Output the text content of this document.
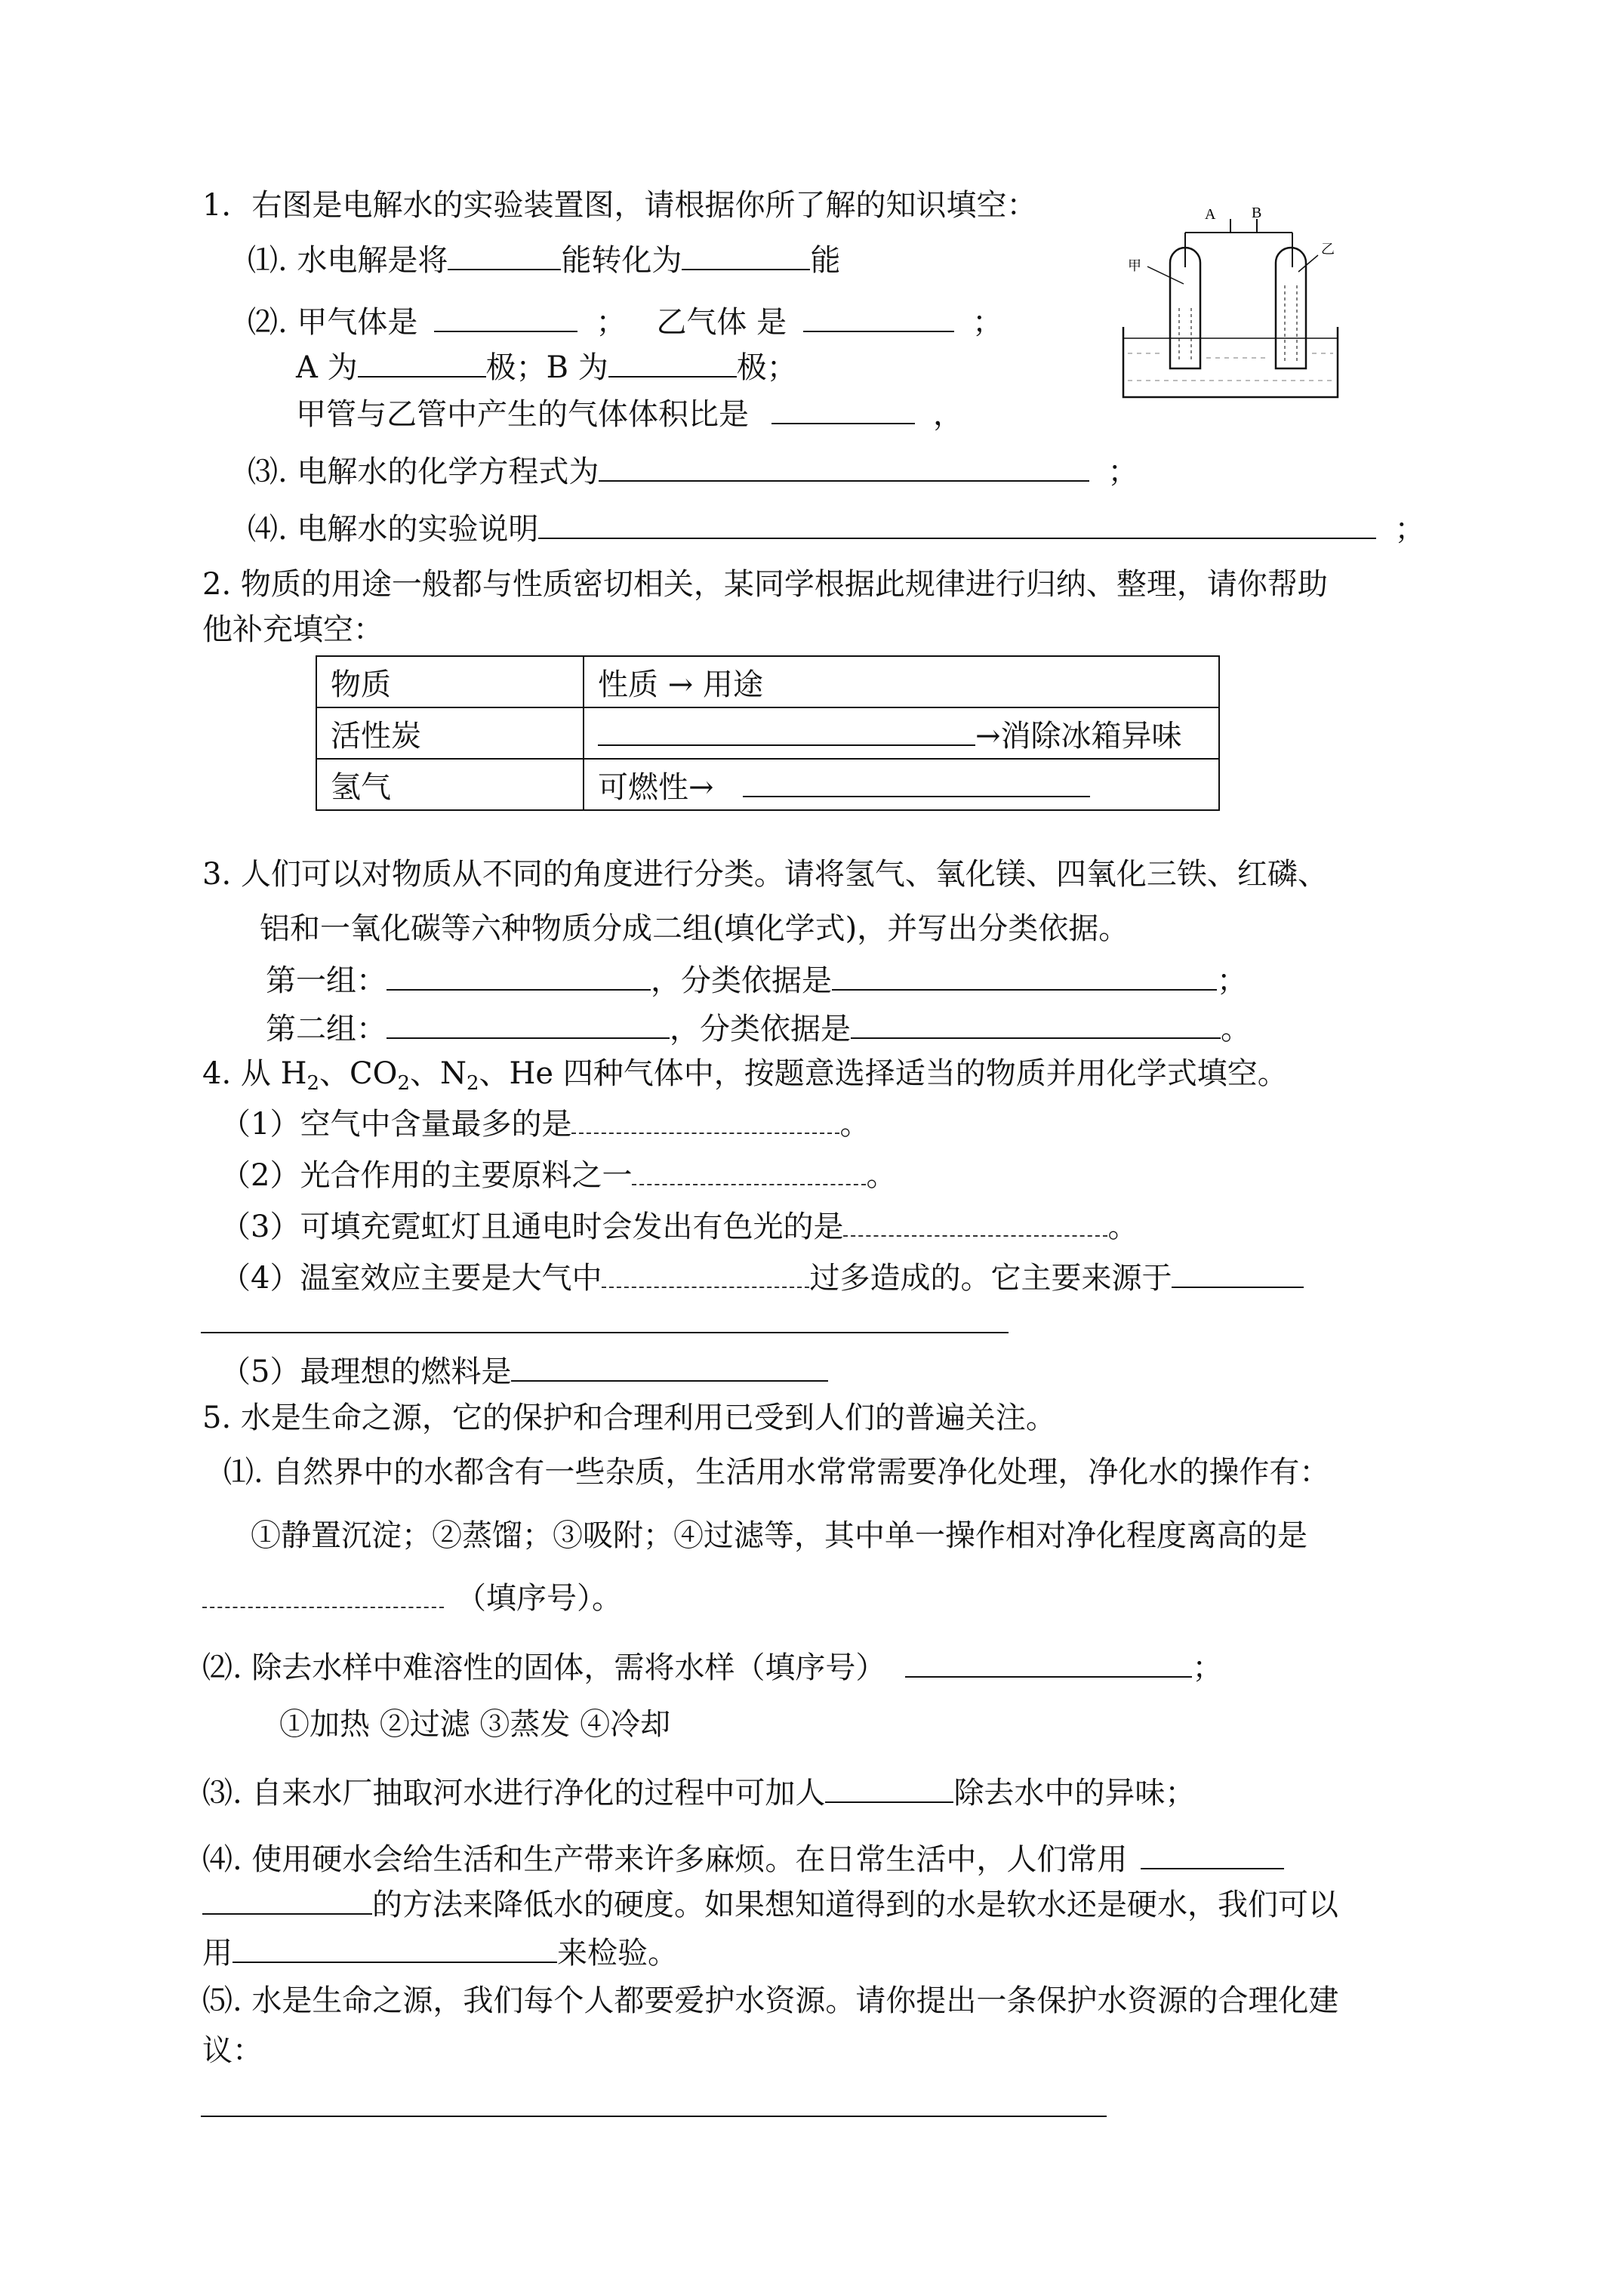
1．右图是电解水的实验装置图，请根据你所了解的知识填空：
⑴. 水电解是将	能转化为	能
⑵. 甲气体是	； 乙气体 是	；
A 为	极；B 为	极；
甲管与乙管中产生的气体体积比是	，
⑶. 电解水的化学方程式为	；
⑷. 电解水的实验说明	；
A B
甲
乙
2. 物质的用途一般都与性质密切相关，某同学根据此规律进行归纳、整理，请你帮助
他补充填空：
物质	性质 → 用途
活性炭	→消除冰箱异味
氢气	可燃性→
3. 人们可以对物质从不同的角度进行分类。请将氢气、氧化镁、四氧化三铁、红磷、
铝和一氧化碳等六种物质分成二组(填化学式)，并写出分类依据。
第一组：	，分类依据是	；
第二组：	，分类依据是	。
4. 从 $H_2$、$CO_2$、$N_2$、He 四种气体中，按题意选择适当的物质并用化学式填空。
（1）空气中含量最多的是	。
（2）光合作用的主要原料之一	。
（3）可填充霓虹灯且通电时会发出有色光的是	。
（4）温室效应主要是大气中	过多造成的。它主要来源于
（5）最理想的燃料是
5. 水是生命之源，它的保护和合理利用已受到人们的普遍关注。
⑴. 自然界中的水都含有一些杂质，生活用水常常需要净化处理，净化水的操作有：
①静置沉淀；②蒸馏；③吸附；④过滤等，其中单一操作相对净化程度离高的是
（填序号）。
⑵. 除去水样中难溶性的固体，需将水样（填序号）	；
①加热 ②过滤 ③蒸发 ④冷却
⑶. 自来水厂抽取河水进行净化的过程中可加人	除去水中的异味；
⑷. 使用硬水会给生活和生产带来许多麻烦。在日常生活中，人们常用
的方法来降低水的硬度。如果想知道得到的水是软水还是硬水，我们可以
用	来检验。
⑸. 水是生命之源，我们每个人都要爱护水资源。请你提出一条保护水资源的合理化建
议：
